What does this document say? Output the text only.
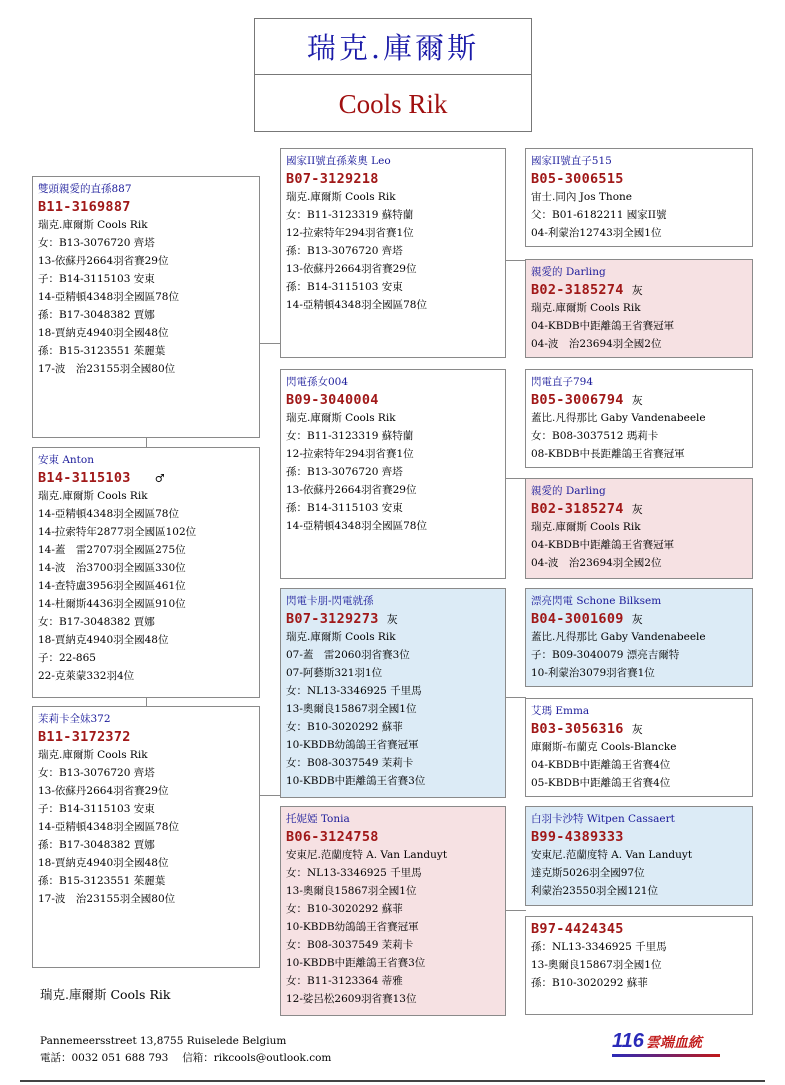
瑞克.庫爾斯
Cools Rik
雙頭親愛的直孫887
B11-3169887
瑞克.庫爾斯 Cools Rik
女：B13-3076720 齊塔
13-依蘇丹2664羽省賽29位
子：B14-3115103 安東
14-亞精頓4348羽全國區78位
孫：B17-3048382 賈娜
18-賈納克4940羽全國48位
孫：B15-3123551 茱麗葉
17-波　治23155羽全國80位
安東 Anton
B14-3115103 ♂
瑞克.庫爾斯 Cools Rik
14-亞精頓4348羽全國區78位
14-拉索特年2877羽全國區102位
14-蓋　雷2707羽全國區275位
14-波　治3700羽全國區330位
14-查特盧3956羽全國區461位
14-杜爾斯4436羽全國區910位
女：B17-3048382 賈娜
18-賈納克4940羽全國48位
子：22-865
22-克萊蒙332羽4位
茉莉卡全妹372
B11-3172372
瑞克.庫爾斯 Cools Rik
女：B13-3076720 齊塔
13-依蘇丹2664羽省賽29位
子：B14-3115103 安東
14-亞精頓4348羽全國區78位
孫：B17-3048382 賈娜
18-賈納克4940羽全國48位
孫：B15-3123551 茱麗葉
17-波　治23155羽全國80位
國家II號直孫萊奧 Leo
B07-3129218
瑞克.庫爾斯 Cools Rik
女：B11-3123319 蘇特蘭
12-拉索特年294羽省賽1位
孫：B13-3076720 齊塔
13-依蘇丹2664羽省賽29位
孫：B14-3115103 安東
14-亞精頓4348羽全國區78位
閃電孫女004
B09-3040004
瑞克.庫爾斯 Cools Rik
女：B11-3123319 蘇特蘭
12-拉索特年294羽省賽1位
孫：B13-3076720 齊塔
13-依蘇丹2664羽省賽29位
孫：B14-3115103 安東
14-亞精頓4348羽全國區78位
閃電卡朋-閃電就孫
B07-3129273 灰
瑞克.庫爾斯 Cools Rik
07-蓋　雷2060羽省賽3位
07-阿藝斯321羽1位
女：NL13-3346925 千里馬
13-奧爾良15867羽全國1位
女：B10-3020292 蘇菲
10-KBDB幼鴿鴿王省賽冠軍
女：B08-3037549 茉莉卡
10-KBDB中距離鴿王省賽3位
托妮婭 Tonia
B06-3124758
安東尼.范蘭度特 A. Van Landuyt
女：NL13-3346925 千里馬
13-奧爾良15867羽全國1位
女：B10-3020292 蘇菲
10-KBDB幼鴿鴿王省賽冠軍
女：B08-3037549 茉莉卡
10-KBDB中距離鴿王省賽3位
女：B11-3123364 蒂雅
12-娑呂松2609羽省賽13位
國家II號直子515
B05-3006515
宙士.同內 Jos Thone
父：B01-6182211 國家II號
04-利蒙治12743羽全國1位
親愛的 Darling
B02-3185274 灰
瑞克.庫爾斯 Cools Rik
04-KBDB中距離鴿王省賽冠軍
04-波　治23694羽全國2位
閃電直子794
B05-3006794 灰
蓋比.凡得那比 Gaby Vandenabeele
女：B08-3037512 瑪莉卡
08-KBDB中長距離鴿王省賽冠軍
親愛的 Darling
B02-3185274 灰
瑞克.庫爾斯 Cools Rik
04-KBDB中距離鴿王省賽冠軍
04-波　治23694羽全國2位
漂亮閃電 Schone Bilksem
B04-3001609 灰
蓋比.凡得那比 Gaby Vandenabeele
子：B09-3040079 漂亮吉爾特
10-利蒙治3079羽省賽1位
艾瑪 Emma
B03-3056316 灰
庫爾斯-布蘭克 Cools-Blancke
04-KBDB中距離鴿王省賽4位
05-KBDB中距離鴿王省賽4位
白羽卡沙特 Witpen Cassaert
B99-4389333
安東尼.范蘭度特 A. Van Landuyt
達克斯5026羽全國97位
利蒙治23550羽全國121位
B97-4424345
孫：NL13-3346925 千里馬
13-奧爾良15867羽全國1位
孫：B10-3020292 蘇菲
瑞克.庫爾斯 Cools Rik
Pannemeersstreet 13,8755 Ruiselede Belgium
電話：0032 051 688 793　 信箱：rikcools@outlook.com
116 雲端血統
